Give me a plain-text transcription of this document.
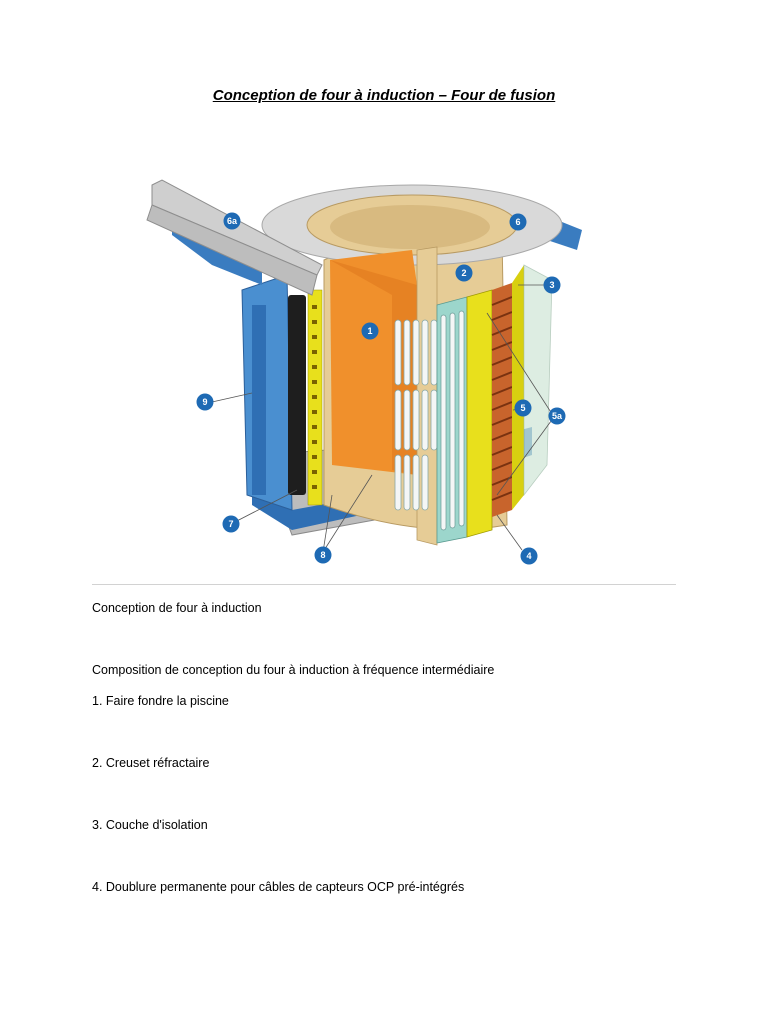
Conception de four à induction – Four de fusion
1
2
3
4
5
5a
6
6a
7
8
9
Conception de four à induction
Composition de conception du four à induction à fréquence intermédiaire
1. Faire fondre la piscine
2. Creuset réfractaire
3. Couche d'isolation
4. Doublure permanente pour câbles de capteurs OCP pré-intégrés
